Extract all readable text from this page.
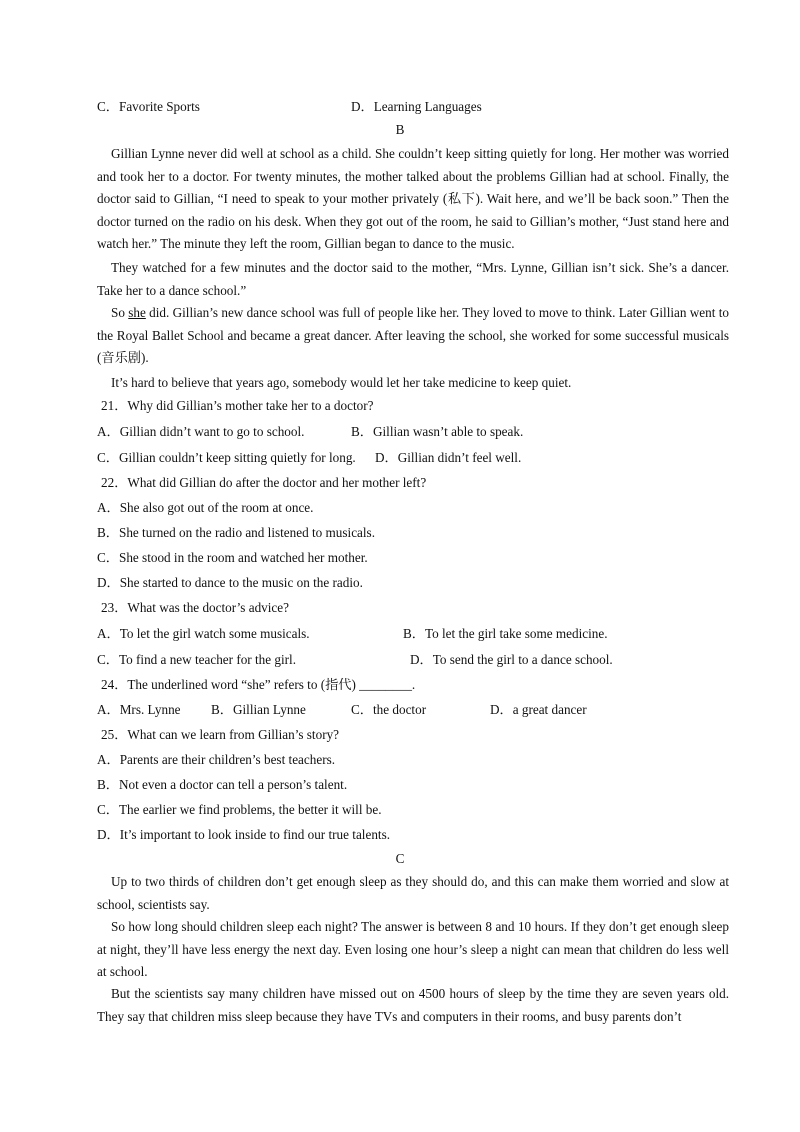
C．Favorite Sports	D．Learning Languages
B
Gillian Lynne never did well at school as a child. She couldn’t keep sitting quietly for long. Her mother was worried and took her to a doctor. For twenty minutes, the mother talked about the problems Gillian had at school. Finally, the doctor said to Gillian, “I need to speak to your mother privately (私下). Wait here, and we’ll be back soon.” Then the doctor turned on the radio on his desk. When they got out of the room, he said to Gillian’s mother, “Just stand here and watch her.” The minute they left the room, Gillian began to dance to the music.
They watched for a few minutes and the doctor said to the mother, “Mrs. Lynne, Gillian isn’t sick. She’s a dancer. Take her to a dance school.”
So she did. Gillian’s new dance school was full of people like her. They loved to move to think. Later Gillian went to the Royal Ballet School and became a great dancer. After leaving the school, she worked for some successful musicals (音乐剧).
It’s hard to believe that years ago, somebody would let her take medicine to keep quiet.
21．Why did Gillian’s mother take her to a doctor?
A．Gillian didn’t want to go to school.	B．Gillian wasn’t able to speak.
C．Gillian couldn’t keep sitting quietly for long. D．Gillian didn’t feel well.
22．What did Gillian do after the doctor and her mother left?
A．She also got out of the room at once.
B．She turned on the radio and listened to musicals.
C．She stood in the room and watched her mother.
D．She started to dance to the music on the radio.
23．What was the doctor’s advice?
A．To let the girl watch some musicals.	B．To let the girl take some medicine.
C．To find a new teacher for the girl.	D．To send the girl to a dance school.
24．The underlined word “she” refers to (指代) ________.
A．Mrs. Lynne B．Gillian Lynne	C．the doctor	D．a great dancer
25．What can we learn from Gillian’s story?
A．Parents are their children’s best teachers.
B．Not even a doctor can tell a person’s talent.
C．The earlier we find problems, the better it will be.
D．It’s important to look inside to find our true talents.
C
Up to two thirds of children don’t get enough sleep as they should do, and this can make them worried and slow at school, scientists say.
So how long should children sleep each night? The answer is between 8 and 10 hours. If they don’t get enough sleep at night, they’ll have less energy the next day. Even losing one hour’s sleep a night can mean that children do less well at school.
But the scientists say many children have missed out on 4500 hours of sleep by the time they are seven years old. They say that children miss sleep because they have TVs and computers in their rooms, and busy parents don’t
